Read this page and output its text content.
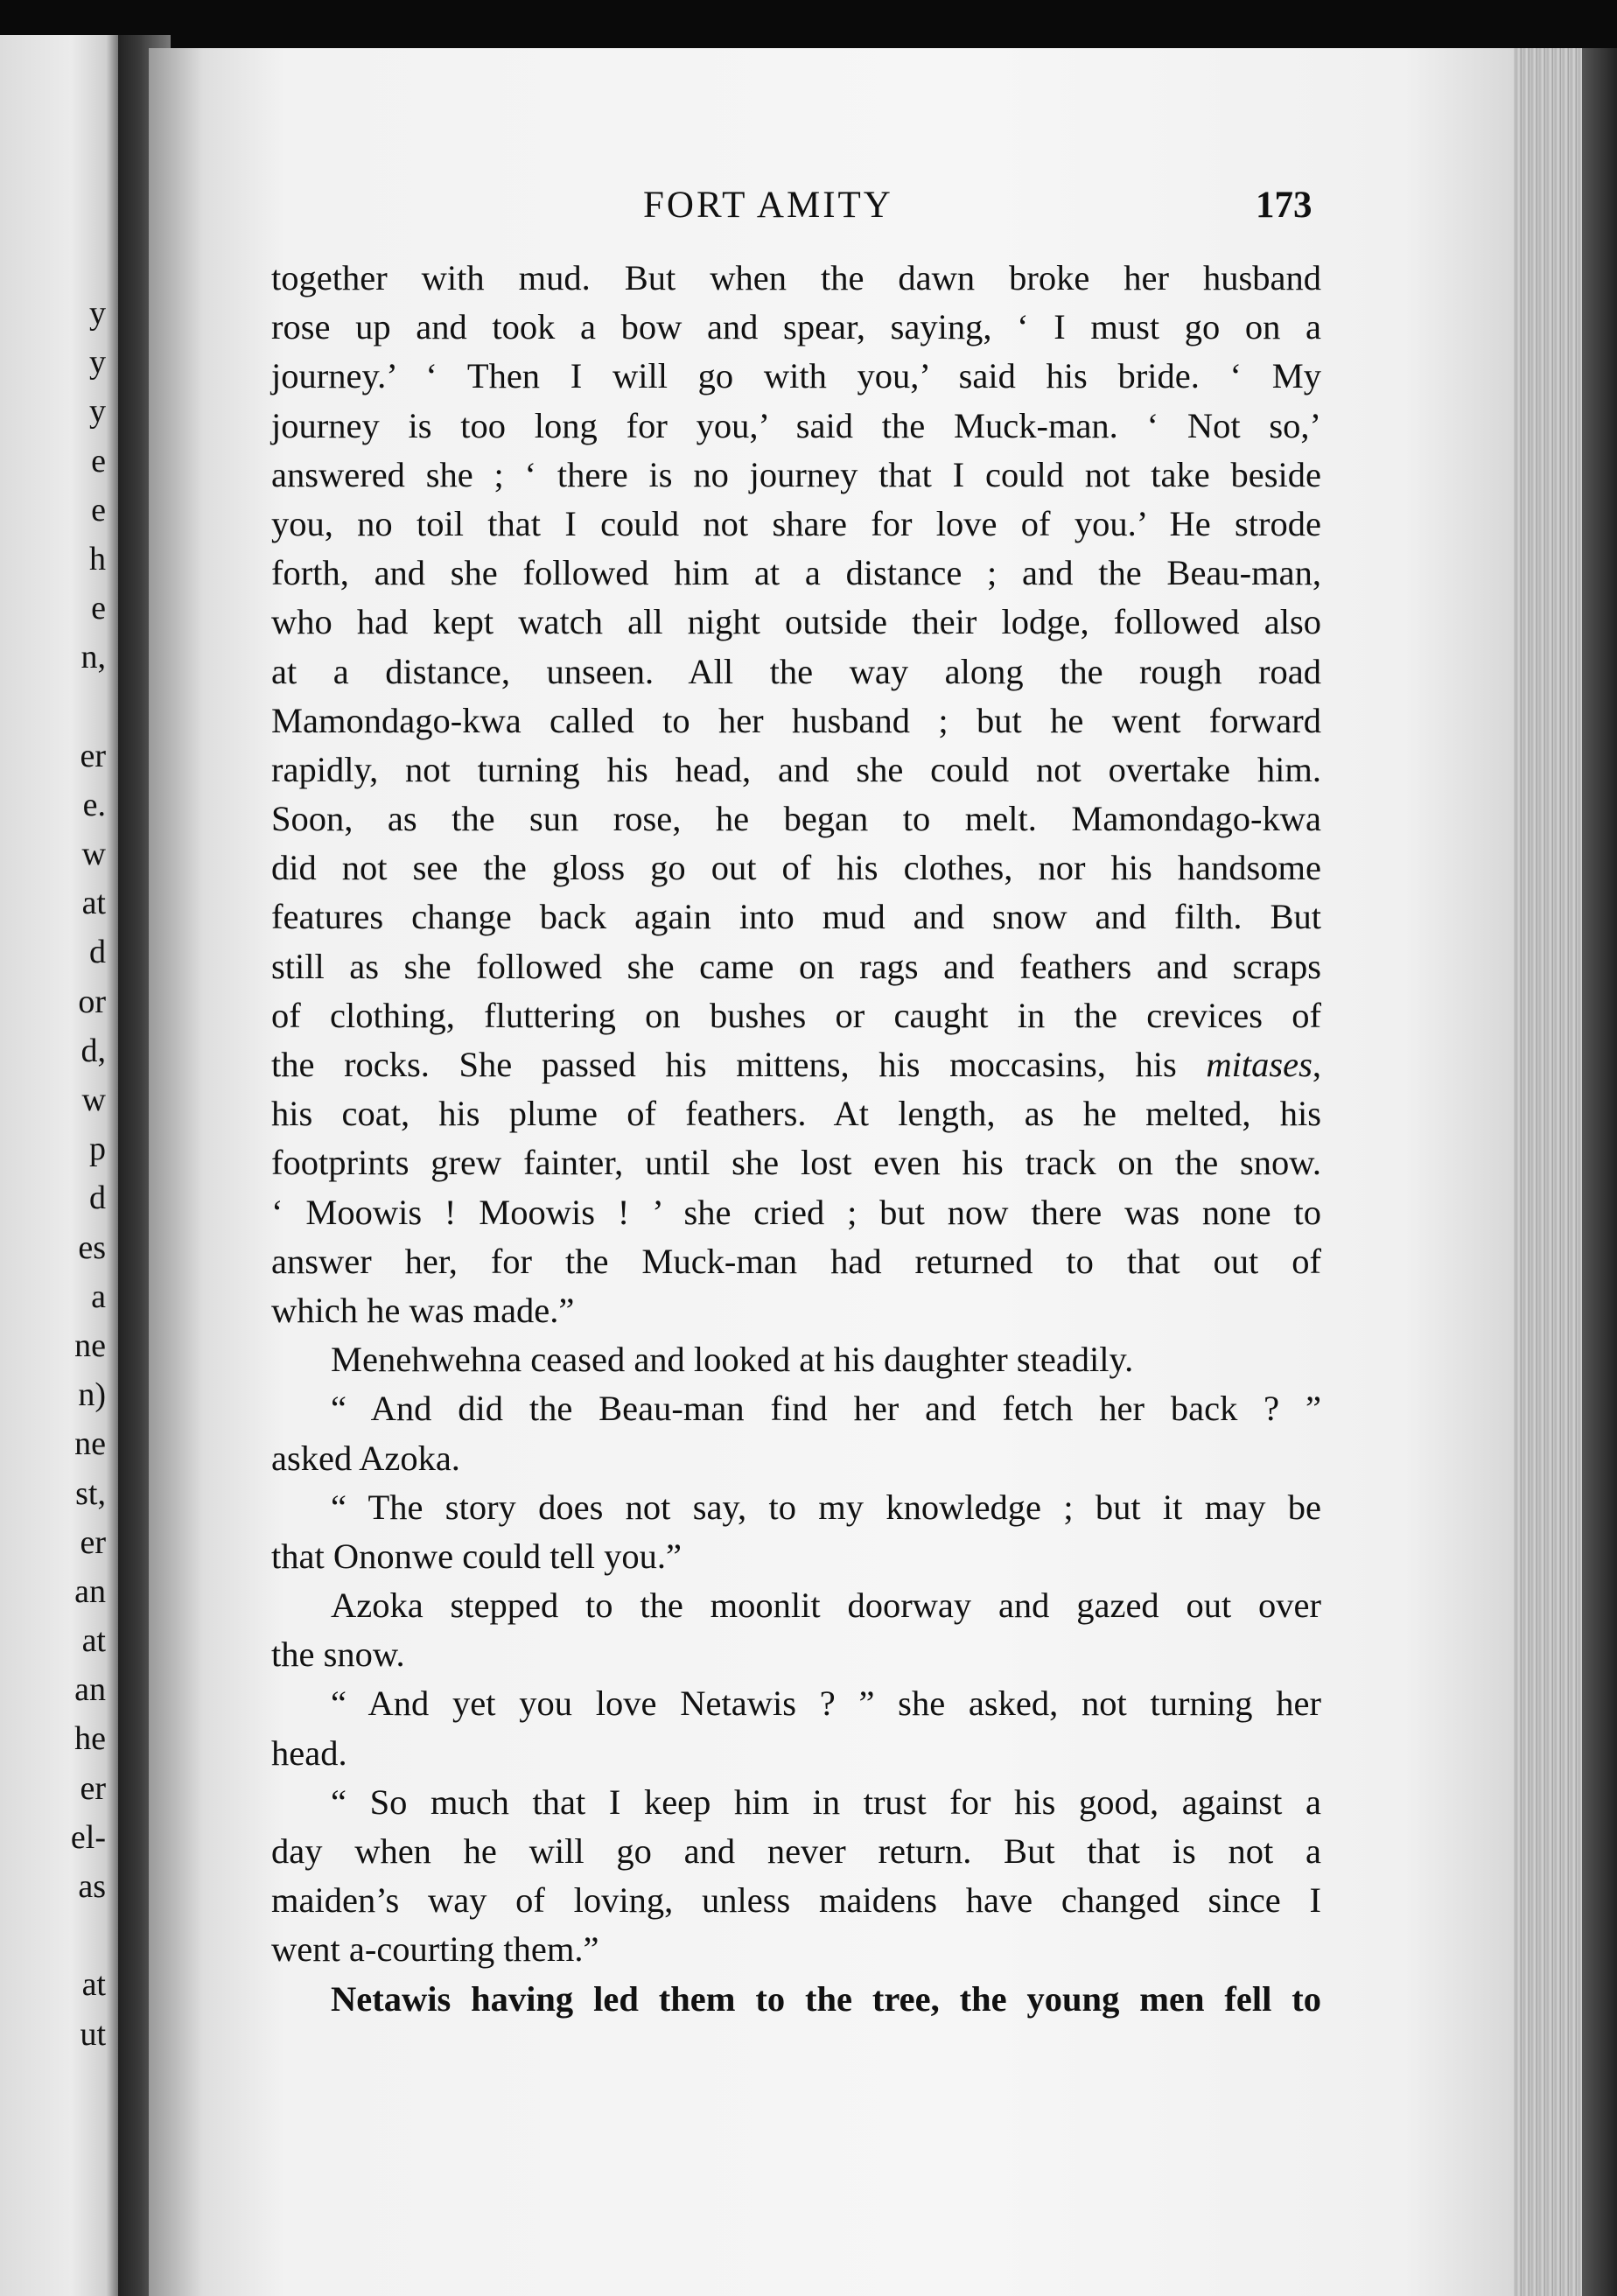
y
y
y
e
e
h
e
n,
er
e.
w
at
d
or
d,
w
p
d
es
a
ne
n)
ne
st,
er
an
at
an
he
er
el-
as
at
ut
FORT AMITY	173
together with mud. But when the dawn broke her husband
rose up and took a bow and spear, saying, ‘ I must go on a
journey.’ ‘ Then I will go with you,’ said his bride. ‘ My
journey is too long for you,’ said the Muck-man. ‘ Not so,’
answered she ; ‘ there is no journey that I could not take beside
you, no toil that I could not share for love of you.’ He strode
forth, and she followed him at a distance ; and the Beau-man,
who had kept watch all night outside their lodge, followed also
at a distance, unseen. All the way along the rough road
Mamondago-kwa called to her husband ; but he went forward
rapidly, not turning his head, and she could not overtake him.
Soon, as the sun rose, he began to melt. Mamondago-kwa
did not see the gloss go out of his clothes, nor his handsome
features change back again into mud and snow and filth. But
still as she followed she came on rags and feathers and scraps
of clothing, fluttering on bushes or caught in the crevices of
the rocks. She passed his mittens, his moccasins, his mitases,
his coat, his plume of feathers. At length, as he melted, his
footprints grew fainter, until she lost even his track on the snow.
‘ Moowis ! Moowis ! ’ she cried ; but now there was none to
answer her, for the Muck-man had returned to that out of
which he was made.”
Menehwehna ceased and looked at his daughter steadily.
“ And did the Beau-man find her and fetch her back ? ”
asked Azoka.
“ The story does not say, to my knowledge ; but it may be
that Ononwe could tell you.”
Azoka stepped to the moonlit doorway and gazed out over
the snow.
“ And yet you love Netawis ? ” she asked, not turning her
head.
“ So much that I keep him in trust for his good, against a
day when he will go and never return. But that is not a
maiden’s way of loving, unless maidens have changed since I
went a-courting them.”
Netawis having led them to the tree, the young men fell to
